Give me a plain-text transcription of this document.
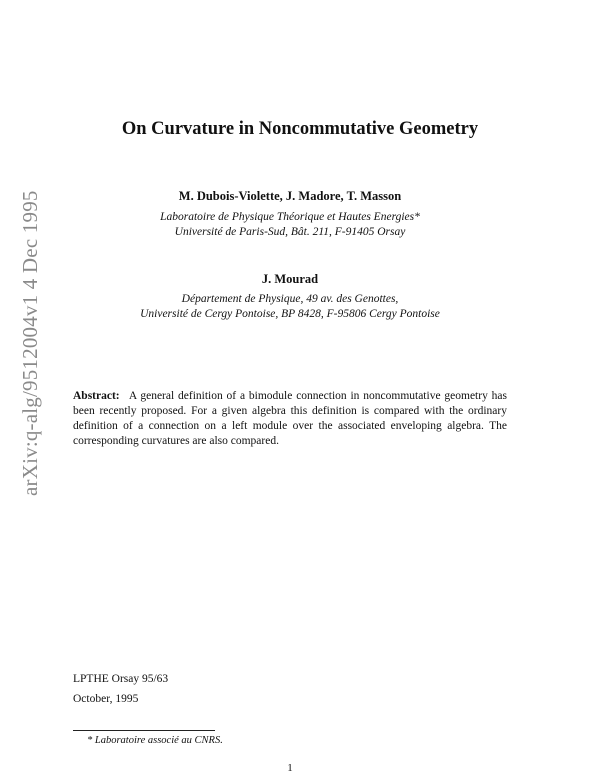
arXiv:q-alg/9512004v1 4 Dec 1995
On Curvature in Noncommutative Geometry
M. Dubois-Violette, J. Madore, T. Masson
Laboratoire de Physique Théorique et Hautes Energies*
Université de Paris-Sud, Bât. 211, F-91405 Orsay
J. Mourad
Département de Physique, 49 av. des Genottes,
Université de Cergy Pontoise, BP 8428, F-95806 Cergy Pontoise
Abstract: A general definition of a bimodule connection in noncommutative geometry has been recently proposed. For a given algebra this definition is compared with the ordinary definition of a connection on a left module over the associated enveloping algebra. The corresponding curvatures are also compared.
LPTHE Orsay 95/63
October, 1995
* Laboratoire associé au CNRS.
1
